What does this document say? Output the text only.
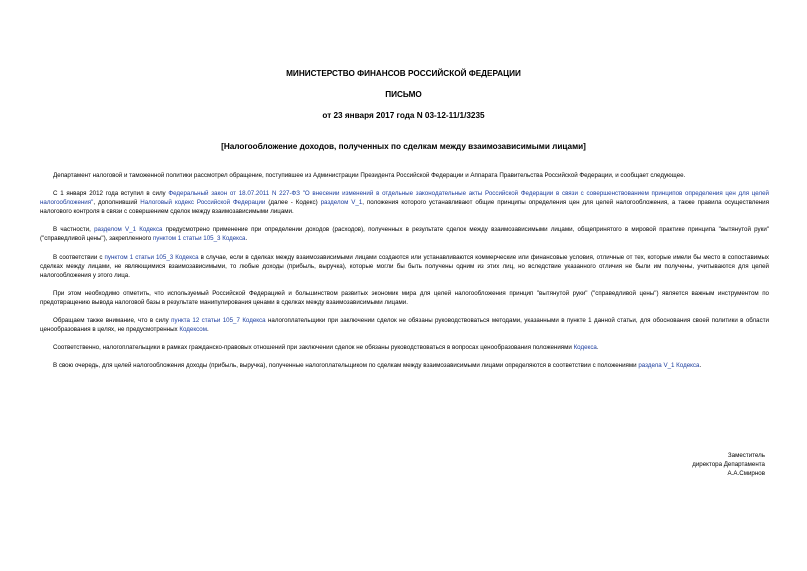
МИНИСТЕРСТВО ФИНАНСОВ РОССИЙСКОЙ ФЕДЕРАЦИИ
ПИСЬМО
от 23 января 2017 года N 03-12-11/1/3235
[Налогообложение доходов, полученных по сделкам между взаимозависимыми лицами]

Департамент налоговой и таможенной политики рассмотрел обращение, поступившее из Администрации Президента Российской Федерации и Аппарата Правительства Российской Федерации, и сообщает следующее.

С 1 января 2012 года вступил в силу Федеральный закон от 18.07.2011 N 227-ФЗ "О внесении изменений в отдельные законодательные акты Российской Федерации в связи с совершенствованием принципов определения цен для целей налогообложения", дополнивший Налоговый кодекс Российской Федерации (далее - Кодекс) разделом V_1, положения которого устанавливают общие принципы определения цен для целей налогообложения, а также правила осуществления налогового контроля в связи с совершением сделок между взаимозависимыми лицами.

В частности, разделом V_1 Кодекса предусмотрено применение при определении доходов (расходов), полученных в результате сделок между взаимозависимыми лицами, общепринятого в мировой практике принципа "вытянутой руки" ("справедливой цены"), закрепленного пунктом 1 статьи 105_3 Кодекса.

В соответствии с пунктом 1 статьи 105_3 Кодекса в случае, если в сделках между взаимозависимыми лицами создаются или устанавливаются коммерческие или финансовые условия, отличные от тех, которые имели бы место в сопоставимых сделках между лицами, не являющимися взаимозависимыми, то любые доходы (прибыль, выручка), которые могли бы быть получены одним из этих лиц, но вследствие указанного отличия не были им получены, учитываются для целей налогообложения у этого лица.

При этом необходимо отметить, что используемый Российской Федерацией и большинством развитых экономик мира для целей налогообложения принцип "вытянутой руки" ("справедливой цены") является важным инструментом по предотвращению вывода налоговой базы в результате манипулирования ценами в сделках между взаимозависимыми лицами.

Обращаем также внимание, что в силу пункта 12 статьи 105_7 Кодекса налогоплательщики при заключении сделок не обязаны руководствоваться методами, указанными в пункте 1 данной статьи, для обоснования своей политики в области ценообразования в целях, не предусмотренных Кодексом.

Соответственно, налогоплательщики в рамках гражданско-правовых отношений при заключении сделок не обязаны руководствоваться в вопросах ценообразования положениями Кодекса.

В свою очередь, для целей налогообложения доходы (прибыль, выручка), полученные налогоплательщиком по сделкам между взаимозависимыми лицами определяются в соответствии с положениями раздела V_1 Кодекса.

Заместитель
директора Департамента
А.А.Смирнов
